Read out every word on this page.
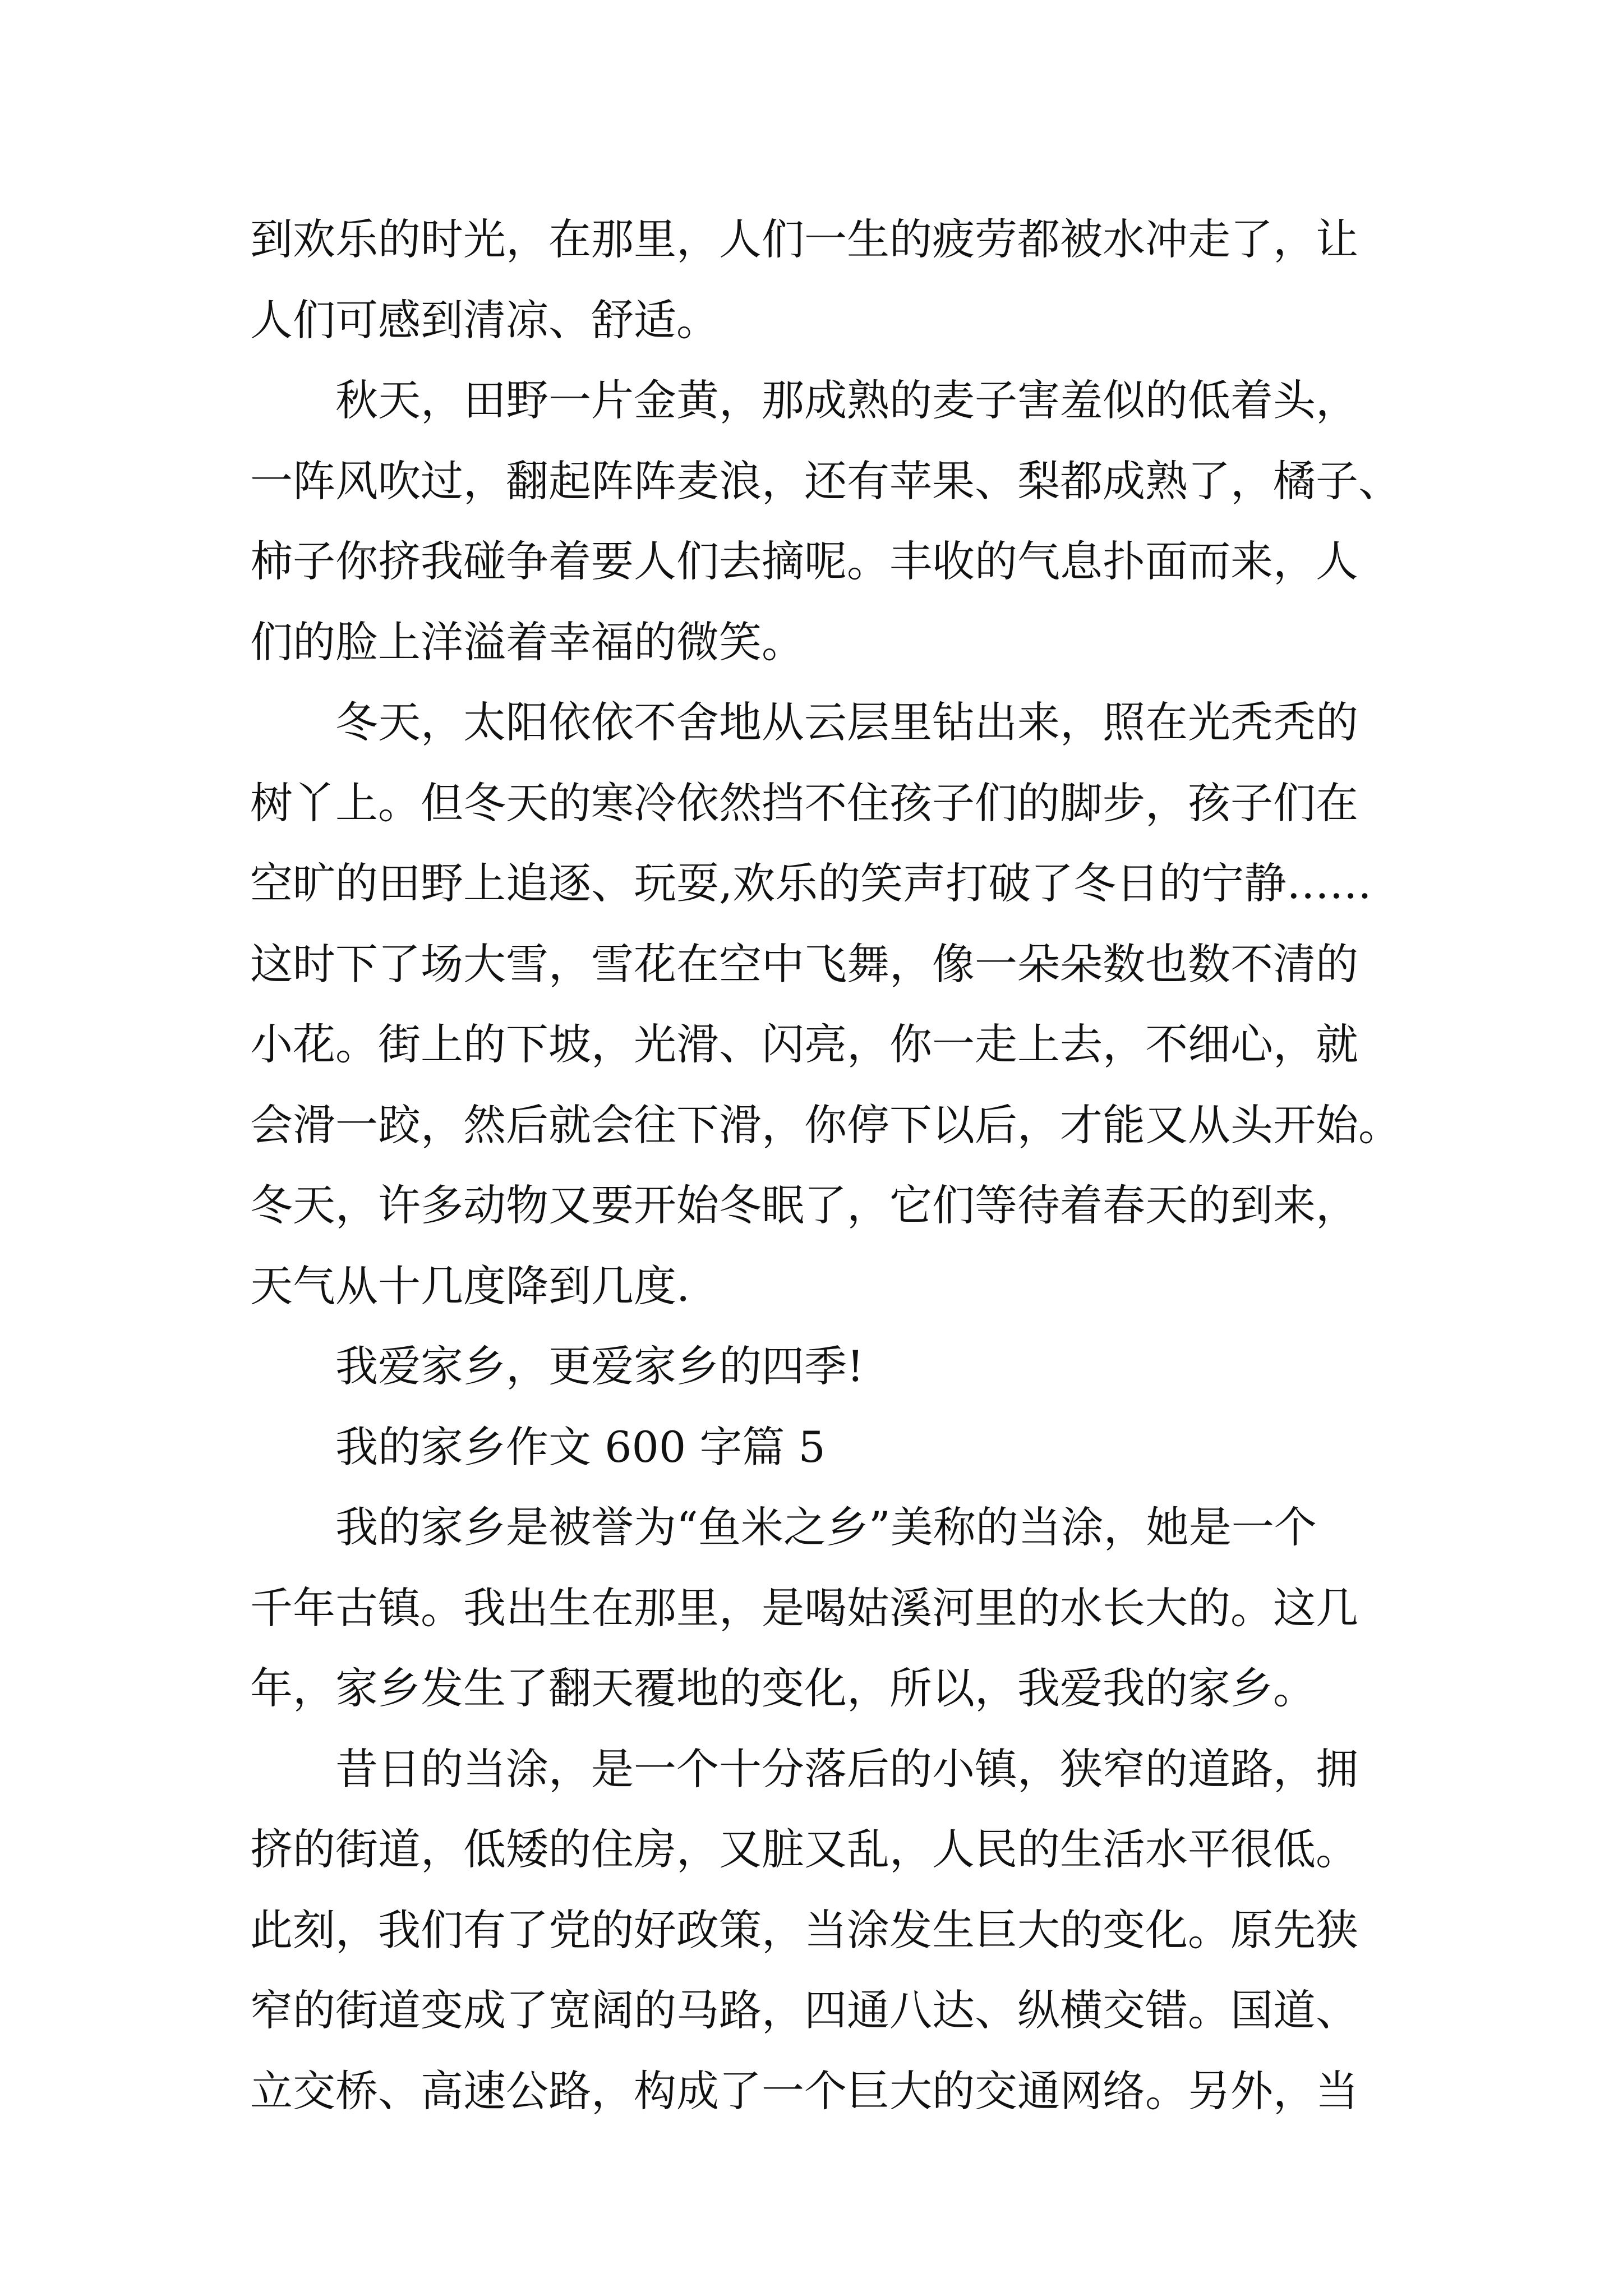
到欢乐的时光，在那里，人们一生的疲劳都被水冲走了，让
人们可感到清凉、舒适。
　　秋天，田野一片金黄，那成熟的麦子害羞似的低着头，
一阵风吹过，翻起阵阵麦浪，还有苹果、梨都成熟了，橘子、
柿子你挤我碰争着要人们去摘呢。丰收的气息扑面而来，人
们的脸上洋溢着幸福的微笑。
　　冬天，太阳依依不舍地从云层里钻出来，照在光秃秃的
树丫上。但冬天的寒冷依然挡不住孩子们的脚步，孩子们在
空旷的田野上追逐、玩耍,欢乐的笑声打破了冬日的宁静……
这时下了场大雪，雪花在空中飞舞，像一朵朵数也数不清的
小花。街上的下坡，光滑、闪亮，你一走上去，不细心，就
会滑一跤，然后就会往下滑，你停下以后，才能又从头开始。
冬天，许多动物又要开始冬眠了，它们等待着春天的到来，
天气从十几度降到几度.
　　我爱家乡，更爱家乡的四季!
　　我的家乡作文 600 字篇 5
　　我的家乡是被誉为“鱼米之乡”美称的当涂，她是一个
千年古镇。我出生在那里，是喝姑溪河里的水长大的。这几
年，家乡发生了翻天覆地的变化，所以，我爱我的家乡。
　　昔日的当涂，是一个十分落后的小镇，狭窄的道路，拥
挤的街道，低矮的住房，又脏又乱，人民的生活水平很低。
此刻，我们有了党的好政策，当涂发生巨大的变化。原先狭
窄的街道变成了宽阔的马路，四通八达、纵横交错。国道、
立交桥、高速公路，构成了一个巨大的交通网络。另外，当
